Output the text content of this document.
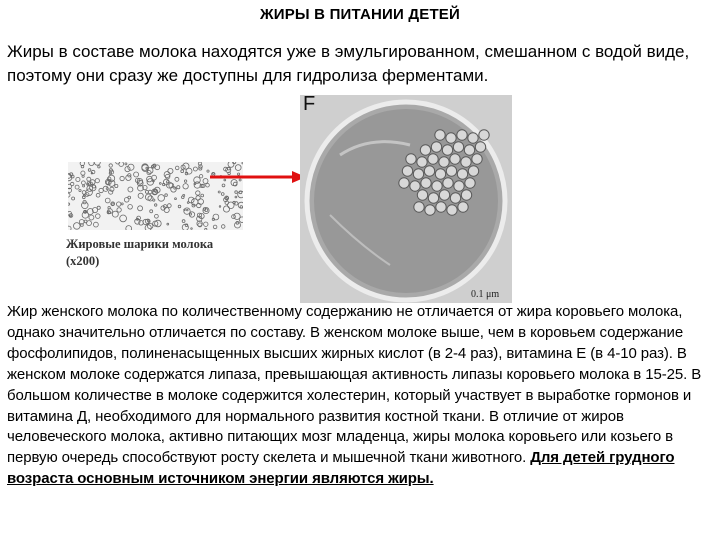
ЖИРЫ В ПИТАНИИ ДЕТЕЙ
Жиры в составе молока находятся уже в эмульгированном, смешанном с водой виде, поэтому они сразу же доступны для гидролиза ферментами.
Жировые шарики молока
(x200)
F
0.1 μm
Жир женского молока по количественному содержанию не отличается от жира коровьего молока, однако значительно отличается по составу. В женском молоке выше, чем в коровьем содержание фосфолипидов, полиненасыщенных высших жирных кислот (в 2-4 раз), витамина Е (в 4-10 раз). В женском молоке содержатся липаза, превышающая активность липазы коровьего молока в 15-25. В большом количестве в молоке содержится холестерин, который участвует в выработке гормонов и витамина Д, необходимого для нормального развития костной ткани. В отличие от жиров человеческого молока, активно питающих мозг младенца, жиры молока коровьего или козьего в первую очередь способствуют росту скелета и мышечной ткани животного. Для детей грудного возраста основным источником энергии являются жиры.
